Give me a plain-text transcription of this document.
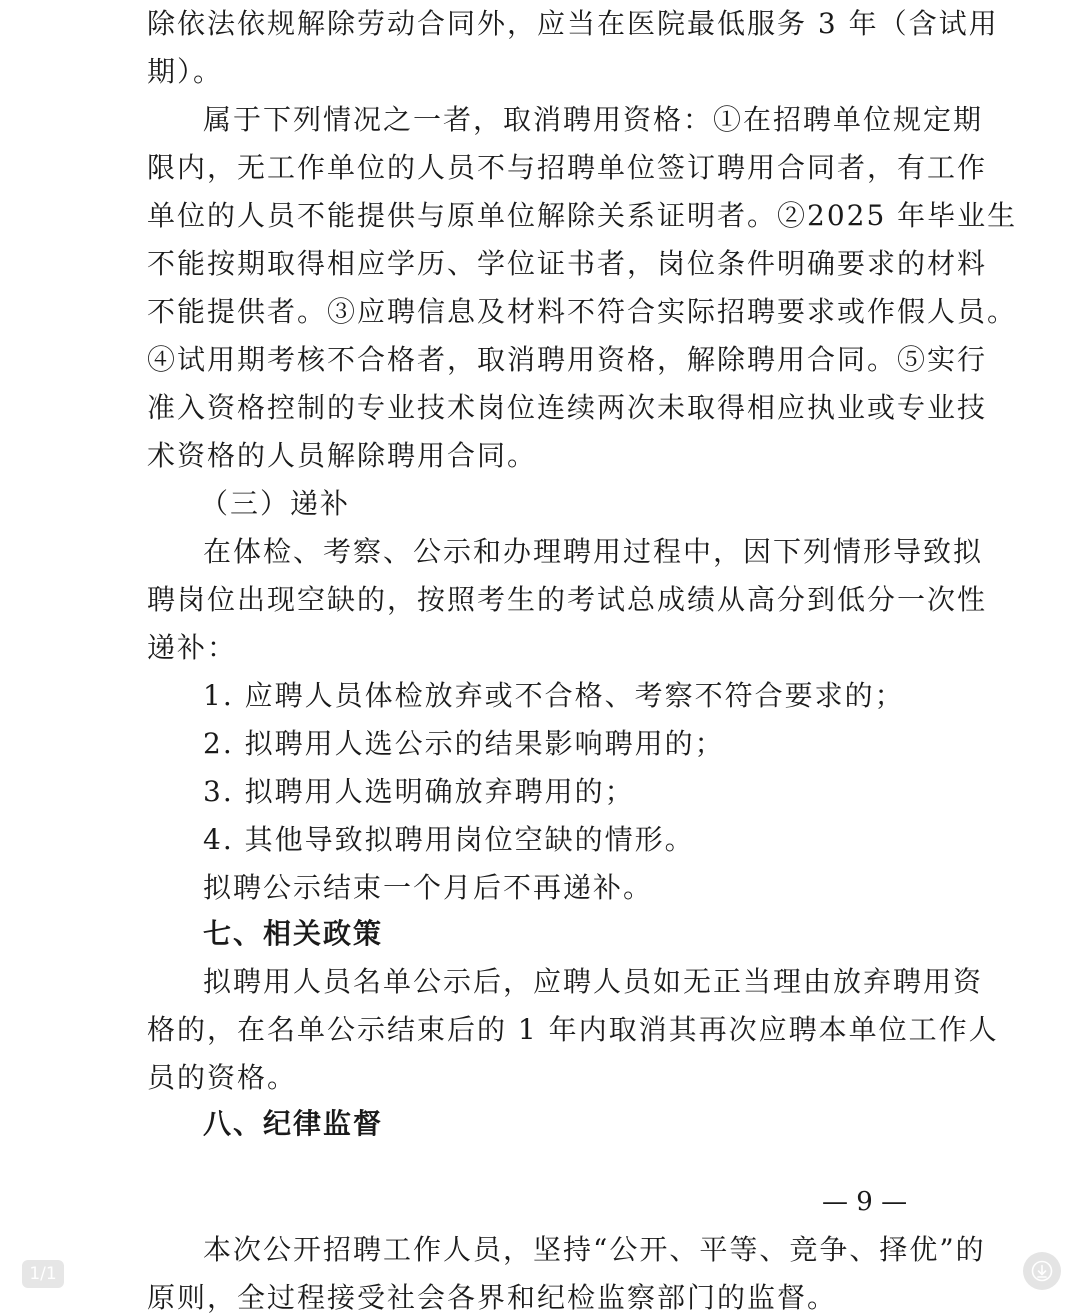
除依法依规解除劳动合同外，应当在医院最低服务 3 年（含试用
期）。
属于下列情况之一者，取消聘用资格：①在招聘单位规定期
限内，无工作单位的人员不与招聘单位签订聘用合同者，有工作
单位的人员不能提供与原单位解除关系证明者。②2025 年毕业生
不能按期取得相应学历、学位证书者，岗位条件明确要求的材料
不能提供者。③应聘信息及材料不符合实际招聘要求或作假人员。
④试用期考核不合格者，取消聘用资格，解除聘用合同。⑤实行
准入资格控制的专业技术岗位连续两次未取得相应执业或专业技
术资格的人员解除聘用合同。
（三）递补
在体检、考察、公示和办理聘用过程中，因下列情形导致拟
聘岗位出现空缺的，按照考生的考试总成绩从高分到低分一次性
递补：
1. 应聘人员体检放弃或不合格、考察不符合要求的；
2. 拟聘用人选公示的结果影响聘用的；
3. 拟聘用人选明确放弃聘用的；
4. 其他导致拟聘用岗位空缺的情形。
拟聘公示结束一个月后不再递补。
七、相关政策
拟聘用人员名单公示后，应聘人员如无正当理由放弃聘用资
格的，在名单公示结束后的 1 年内取消其再次应聘本单位工作人
员的资格。
八、纪律监督
— 9 —
本次公开招聘工作人员，坚持“公开、平等、竞争、择优”的
原则，全过程接受社会各界和纪检监察部门的监督。
1/1
